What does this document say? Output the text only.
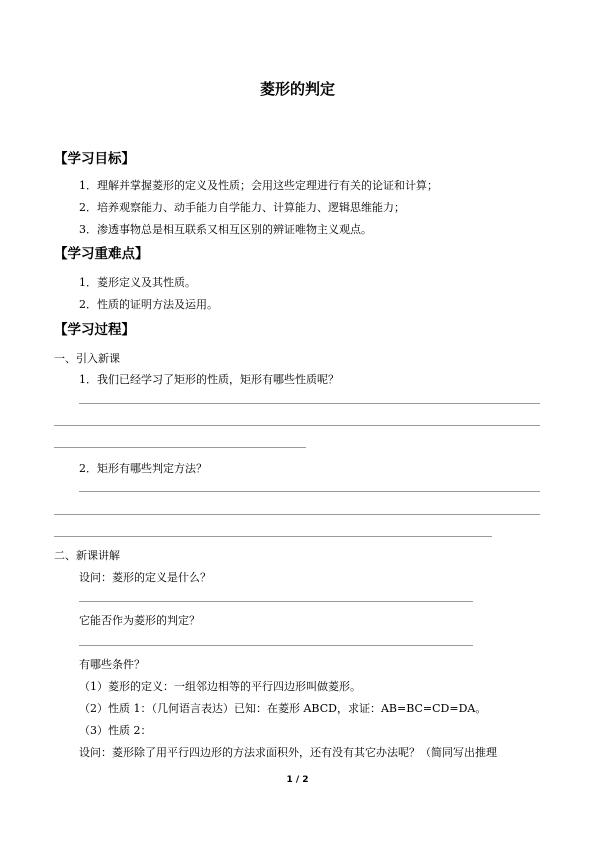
菱形的判定
【学习目标】
1．理解并掌握菱形的定义及性质；会用这些定理进行有关的论证和计算；
2．培养观察能力、动手能力自学能力、计算能力、逻辑思维能力；
3．渗透事物总是相互联系又相互区别的辨证唯物主义观点。
【学习重难点】
1．菱形定义及其性质。
2．性质的证明方法及运用。
【学习过程】
一、引入新课
1．我们已经学习了矩形的性质，矩形有哪些性质呢？
2．矩形有哪些判定方法？
二、新课讲解
设问：菱形的定义是什么？
它能否作为菱形的判定？
有哪些条件？
（1）菱形的定义：一组邻边相等的平行四边形叫做菱形。
（2）性质 1：（几何语言表达）已知：在菱形 ABCD，求证：AB=BC=CD=DA。
（3）性质 2：
设问：菱形除了用平行四边形的方法求面积外，还有没有其它办法呢？（简同写出推理
1 / 2
